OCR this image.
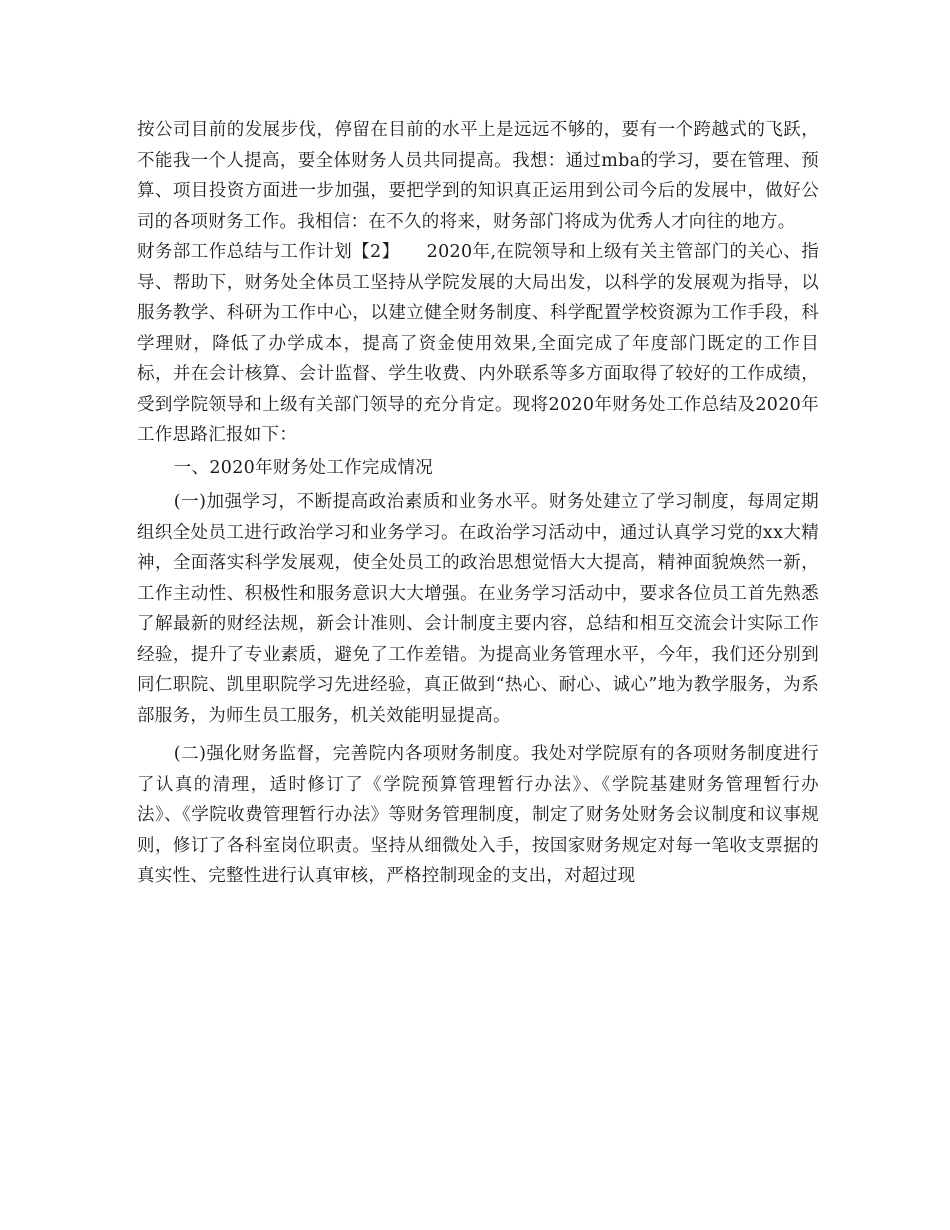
按公司目前的发展步伐，停留在目前的水平上是远远不够的，要有一个跨越式的飞跃，不能我一个人提高，要全体财务人员共同提高。我想：通过mba的学习，要在管理、预算、项目投资方面进一步加强，要把学到的知识真正运用到公司今后的发展中，做好公司的各项财务工作。我相信：在不久的将来，财务部门将成为优秀人才向往的地方。

财务部工作总结与工作计划【2】　　2020年,在院领导和上级有关主管部门的关心、指导、帮助下，财务处全体员工坚持从学院发展的大局出发，以科学的发展观为指导，以服务教学、科研为工作中心，以建立健全财务制度、科学配置学校资源为工作手段，科学理财，降低了办学成本，提高了资金使用效果,全面完成了年度部门既定的工作目标，并在会计核算、会计监督、学生收费、内外联系等多方面取得了较好的工作成绩，受到学院领导和上级有关部门领导的充分肯定。现将2020年财务处工作总结及2020年工作思路汇报如下：

一、2020年财务处工作完成情况

(一)加强学习，不断提高政治素质和业务水平。财务处建立了学习制度，每周定期组织全处员工进行政治学习和业务学习。在政治学习活动中，通过认真学习党的xx大精神，全面落实科学发展观，使全处员工的政治思想觉悟大大提高，精神面貌焕然一新，工作主动性、积极性和服务意识大大增强。在业务学习活动中，要求各位员工首先熟悉了解最新的财经法规，新会计准则、会计制度主要内容，总结和相互交流会计实际工作经验，提升了专业素质，避免了工作差错。为提高业务管理水平，今年，我们还分别到同仁职院、凯里职院学习先进经验，真正做到“热心、耐心、诚心”地为教学服务，为系部服务，为师生员工服务，机关效能明显提高。

(二)强化财务监督，完善院内各项财务制度。我处对学院原有的各项财务制度进行了认真的清理，适时修订了《学院预算管理暂行办法》、《学院基建财务管理暂行办法》、《学院收费管理暂行办法》等财务管理制度，制定了财务处财务会议制度和议事规则，修订了各科室岗位职责。坚持从细微处入手，按国家财务规定对每一笔收支票据的真实性、完整性进行认真审核，严格控制现金的支出，对超过现
